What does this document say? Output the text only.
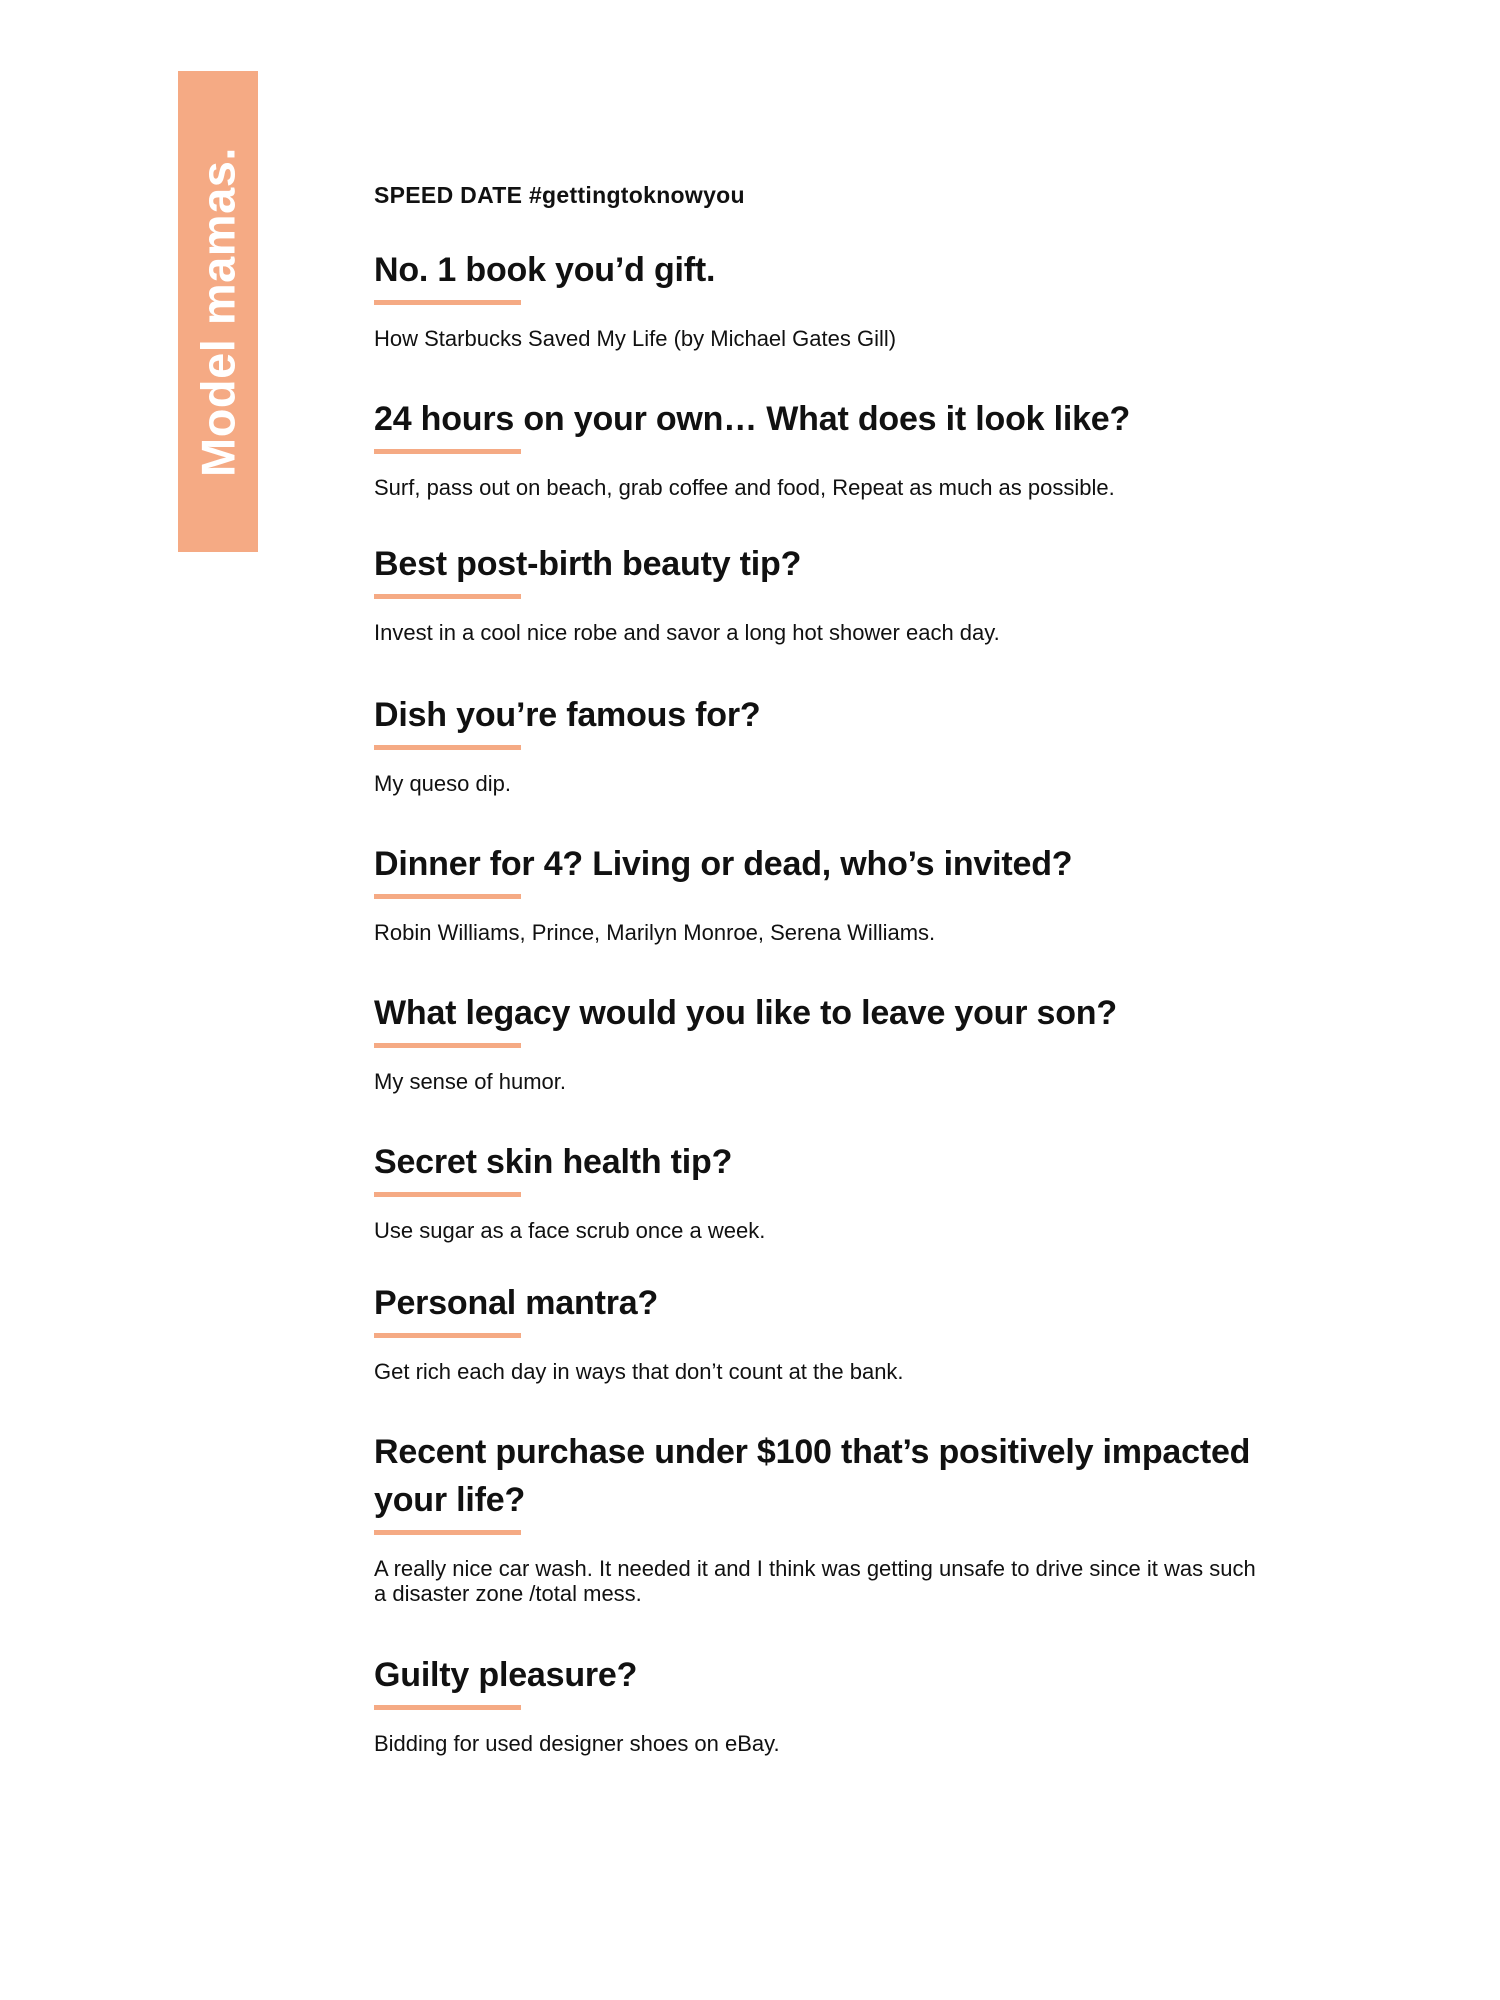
Model mamas.	SPEED DATE #gettingtoknowyou

No. 1 book you’d gift.

How Starbucks Saved My Life (by Michael Gates Gill)

24 hours on your own… What does it look like?

Surf, pass out on beach, grab coffee and food, Repeat as much as possible.

Best post-birth beauty tip?

Invest in a cool nice robe and savor a long hot shower each day.

Dish you’re famous for?

My queso dip.

Dinner for 4? Living or dead, who’s invited?

Robin Williams, Prince, Marilyn Monroe, Serena Williams.

What legacy would you like to leave your son?

My sense of humor.

Secret skin health tip?

Use sugar as a face scrub once a week.

Personal mantra?

Get rich each day in ways that don’t count at the bank.

Recent purchase under $100 that’s positively impacted your life?

A really nice car wash. It needed it and I think was getting unsafe to drive since it was such a disaster zone /total mess.

Guilty pleasure?

Bidding for used designer shoes on eBay.
